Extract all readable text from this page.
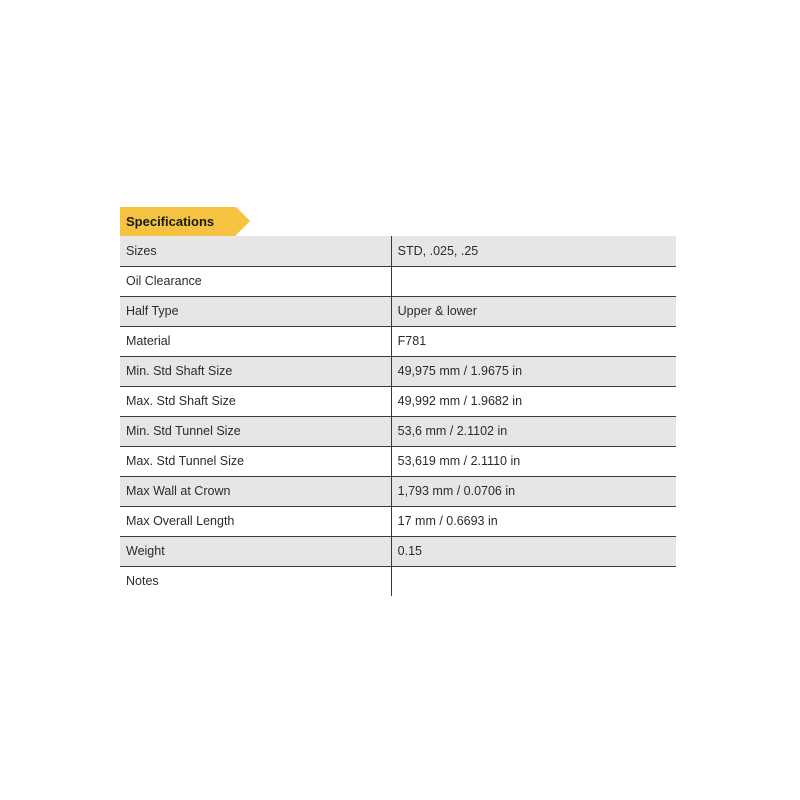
Specifications
Sizes	STD, .025, .25
Oil Clearance	
Half Type	Upper & lower
Material	F781
Min. Std Shaft Size	49,975 mm / 1.9675 in
Max. Std Shaft Size	49,992 mm / 1.9682 in
Min. Std Tunnel Size	53,6 mm / 2.1102 in
Max. Std Tunnel Size	53,619 mm / 2.1110 in
Max Wall at Crown	1,793 mm / 0.0706 in
Max Overall Length	17 mm / 0.6693 in
Weight	0.15
Notes	
